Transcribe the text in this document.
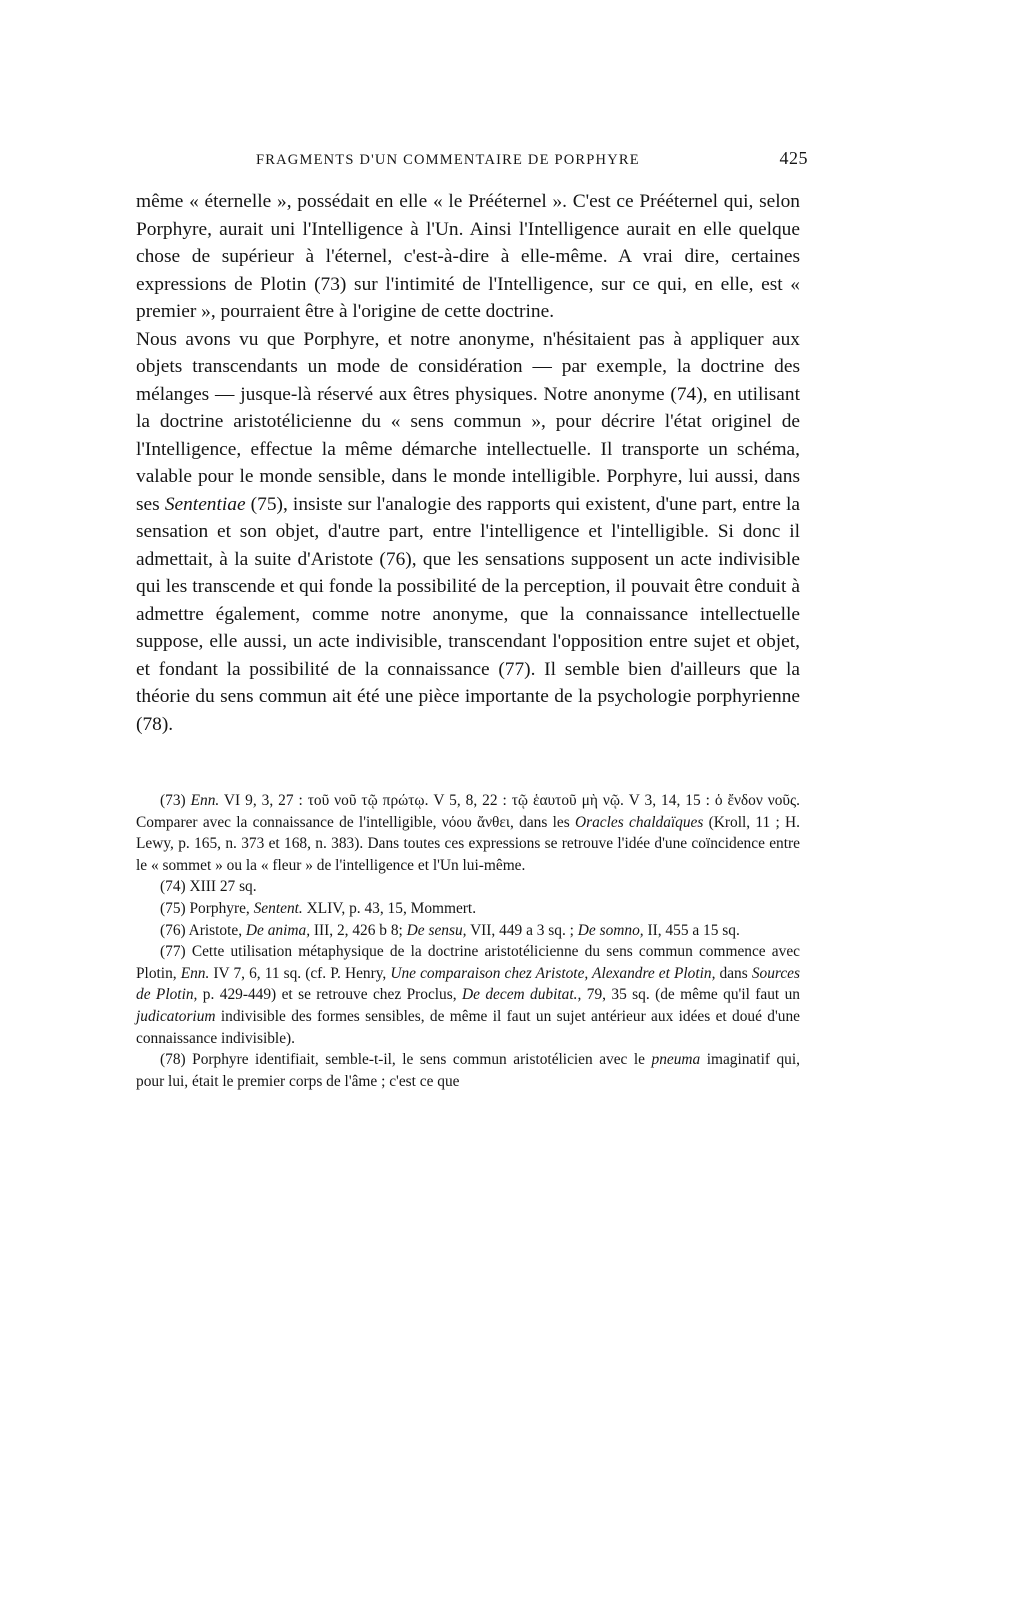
FRAGMENTS D'UN COMMENTAIRE DE PORPHYRE	425

même « éternelle », possédait en elle « le Prééternel ». C'est ce Prééternel qui, selon Porphyre, aurait uni l'Intelligence à l'Un. Ainsi l'Intelligence aurait en elle quelque chose de supérieur à l'éternel, c'est-à-dire à elle-même. A vrai dire, certaines expressions de Plotin (73) sur l'intimité de l'Intelligence, sur ce qui, en elle, est « premier », pourraient être à l'origine de cette doctrine.

Nous avons vu que Porphyre, et notre anonyme, n'hésitaient pas à appliquer aux objets transcendants un mode de considération — par exemple, la doctrine des mélanges — jusque-là réservé aux êtres physiques. Notre anonyme (74), en utilisant la doctrine aristotélicienne du « sens commun », pour décrire l'état originel de l'Intelligence, effectue la même démarche intellectuelle. Il transporte un schéma, valable pour le monde sensible, dans le monde intelligible. Porphyre, lui aussi, dans ses Sententiae (75), insiste sur l'analogie des rapports qui existent, d'une part, entre la sensation et son objet, d'autre part, entre l'intelligence et l'intelligible. Si donc il admettait, à la suite d'Aristote (76), que les sensations supposent un acte indivisible qui les transcende et qui fonde la possibilité de la perception, il pouvait être conduit à admettre également, comme notre anonyme, que la connaissance intellectuelle suppose, elle aussi, un acte indivisible, transcendant l'opposition entre sujet et objet, et fondant la possibilité de la connaissance (77). Il semble bien d'ailleurs que la théorie du sens commun ait été une pièce importante de la psychologie porphyrienne (78).

(73) Enn. VI 9, 3, 27 : τοῦ νοῦ τῷ πρώτῳ. V 5, 8, 22 : τῷ ἑαυτοῦ μὴ νῷ. V 3, 14, 15 : ὁ ἔνδον νοῦς. Comparer avec la connaissance de l'intelligible, νόου ἄνθει, dans les Oracles chaldaïques (Kroll, 11 ; H. Lewy, p. 165, n. 373 et 168, n. 383). Dans toutes ces expressions se retrouve l'idée d'une coïncidence entre le « sommet » ou la « fleur » de l'intelligence et l'Un lui-même.

(74) XIII 27 sq.

(75) Porphyre, Sentent. XLIV, p. 43, 15, Mommert.

(76) Aristote, De anima, III, 2, 426 b 8; De sensu, VII, 449 a 3 sq. ; De somno, II, 455 a 15 sq.

(77) Cette utilisation métaphysique de la doctrine aristotélicienne du sens commun commence avec Plotin, Enn. IV 7, 6, 11 sq. (cf. P. Henry, Une comparaison chez Aristote, Alexandre et Plotin, dans Sources de Plotin, p. 429-449) et se retrouve chez Proclus, De decem dubitat., 79, 35 sq. (de même qu'il faut un judicatorium indivisible des formes sensibles, de même il faut un sujet antérieur aux idées et doué d'une connaissance indivisible).

(78) Porphyre identifiait, semble-t-il, le sens commun aristotélicien avec le pneuma imaginatif qui, pour lui, était le premier corps de l'âme ; c'est ce que
